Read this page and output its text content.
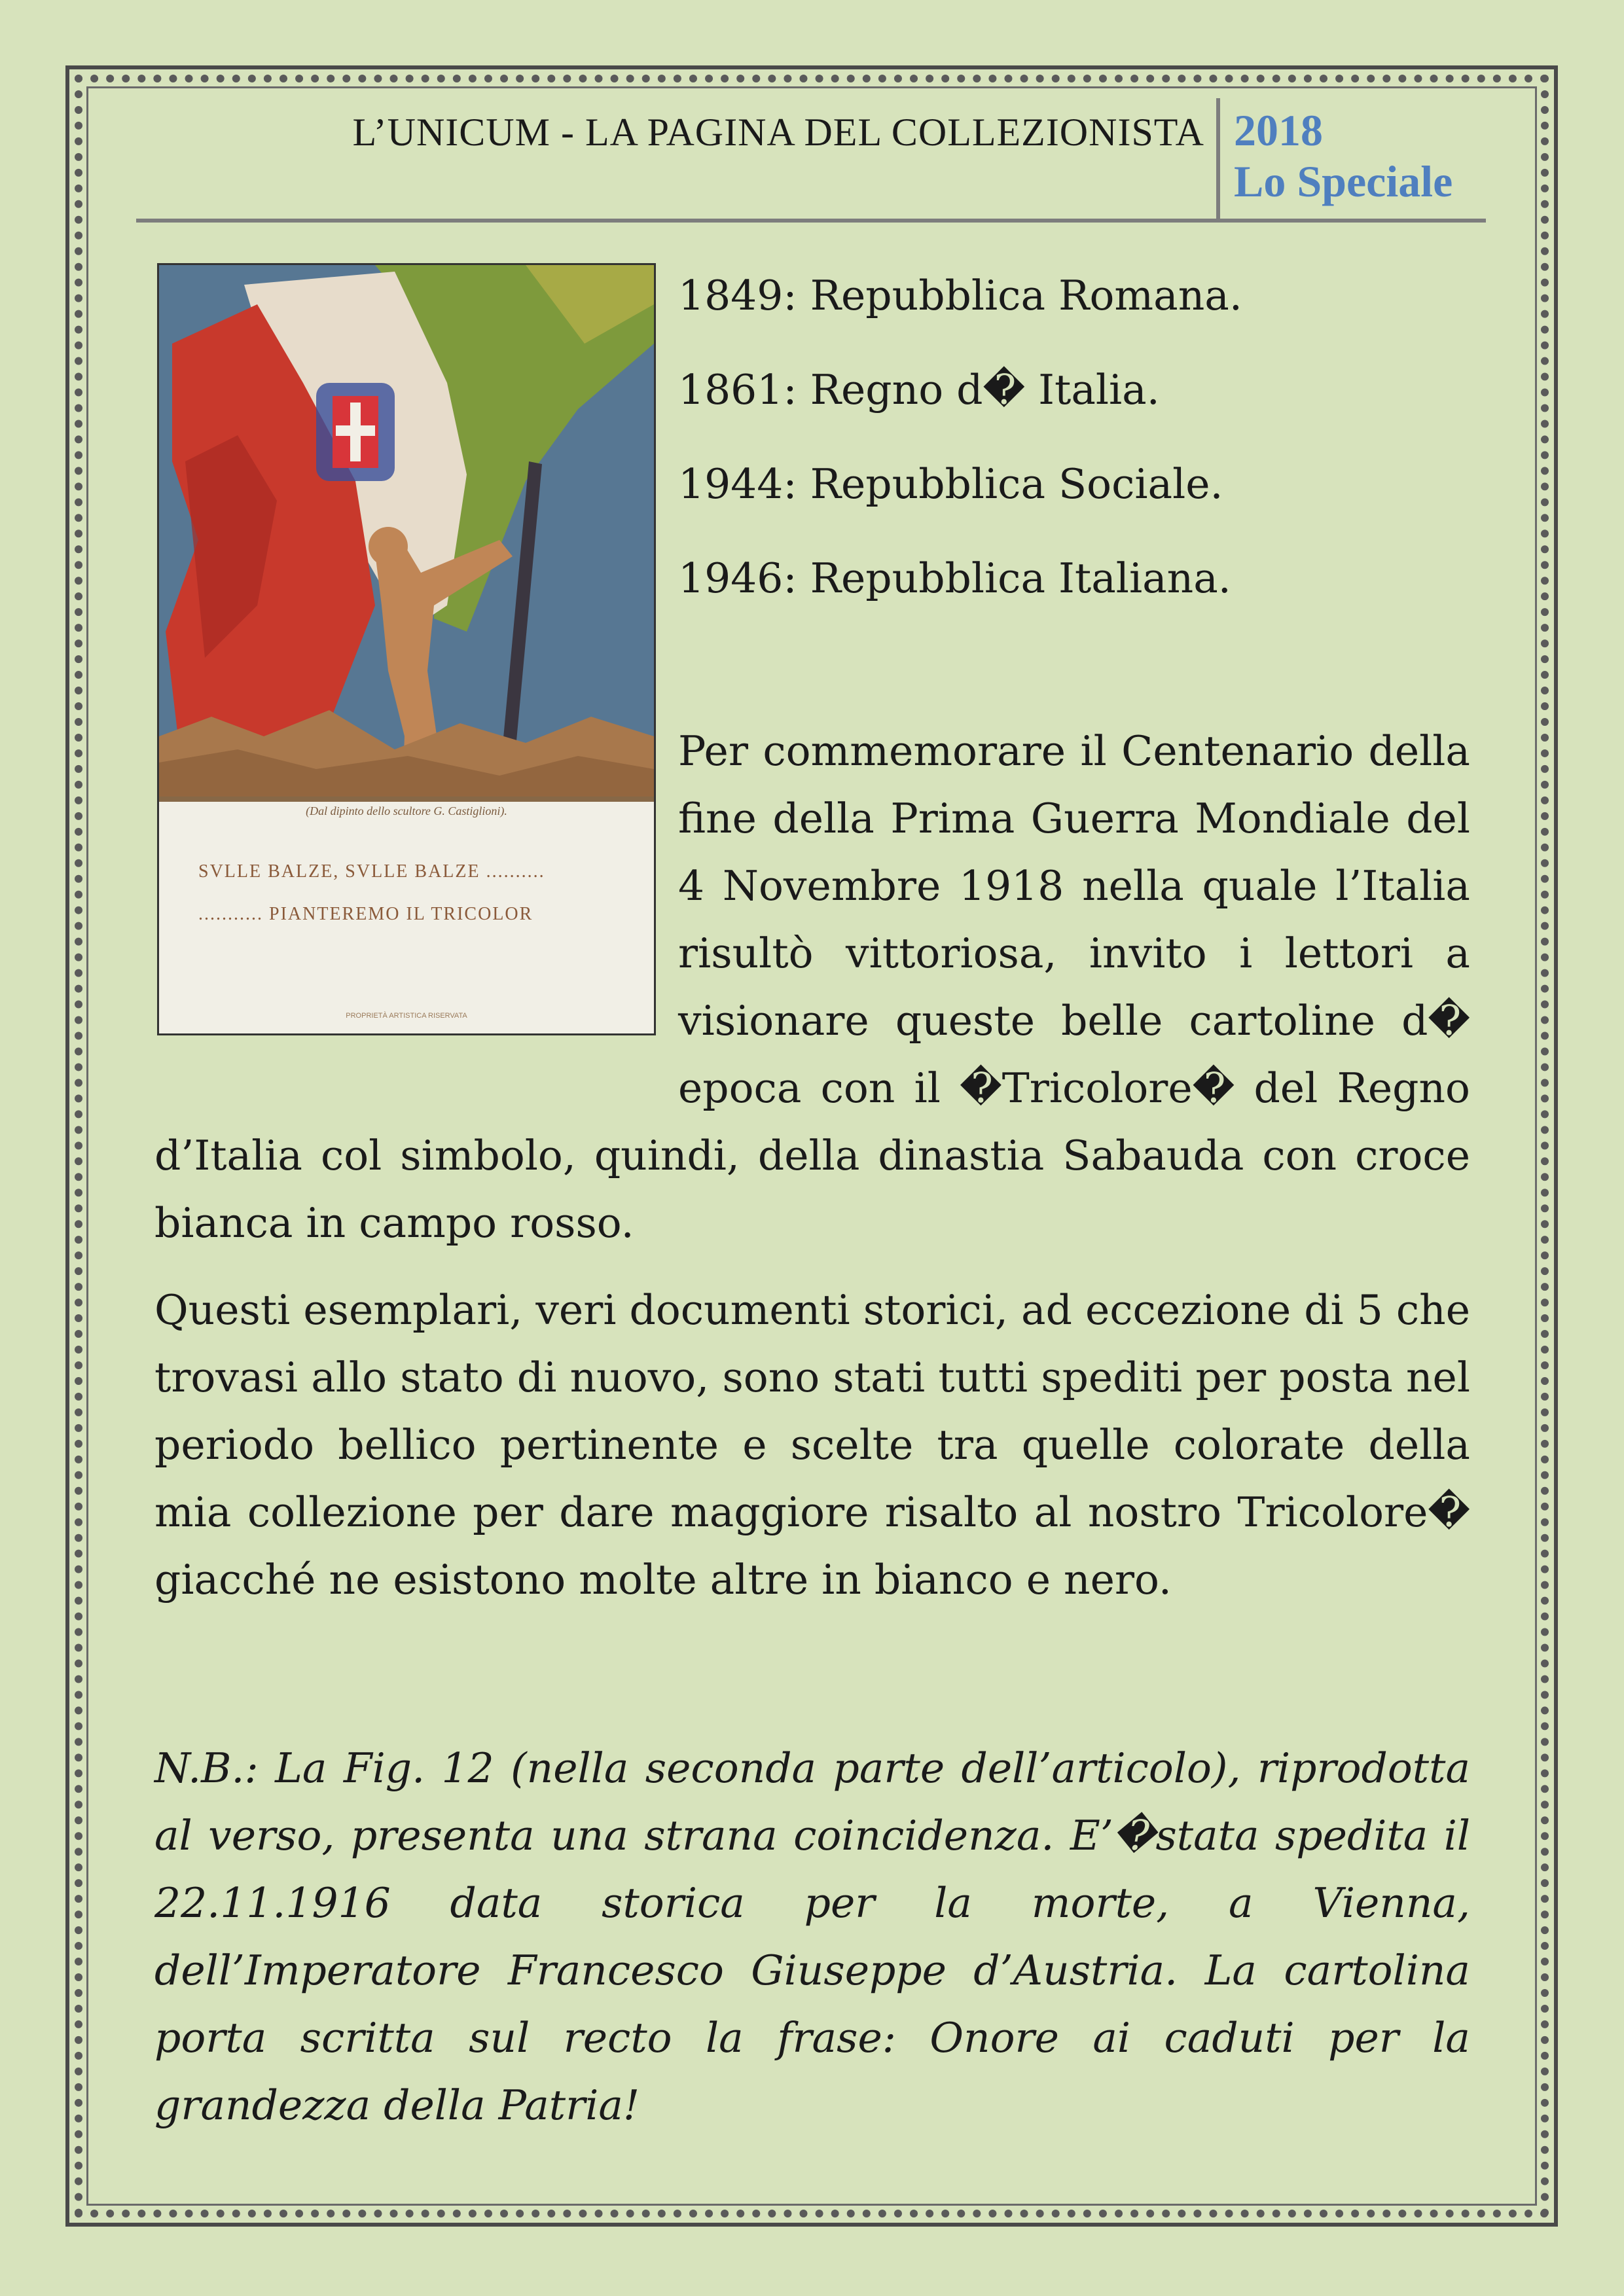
L’UNICUM - LA PAGINA DEL COLLEZIONISTA 2018
Lo Speciale
(Dal dipinto dello scultore G. Castiglioni).
SVLLE BALZE, SVLLE BALZE ..........
........... PIANTEREMO IL TRICOLOR
PROPRIETÀ ARTISTICA RISERVATA

1849: Repubblica Romana.

1861: Regno d� Italia.

1944: Repubblica Sociale.

1946: Repubblica Italiana.

Per commemorare il Centenario della fine della Prima Guerra Mondiale del 4 Novembre 1918 nella quale l’Italia risultò vittoriosa, invito i lettori a visionare queste belle cartoline d� epoca con il �Tricolore� del Regno d’Italia col simbolo, quindi, della dinastia Sabauda con croce bianca in campo rosso.

Questi esemplari, veri documenti storici, ad eccezione di 5 che trovasi allo stato di nuovo, sono stati tutti spediti per posta nel periodo bellico pertinente e scelte tra quelle colorate della mia collezione per dare maggiore risalto al nostro Tricolore� giacché ne esistono molte altre in bianco e nero.

N.B.: La Fig. 12 (nella seconda parte dell’articolo), riprodotta al verso, presenta una strana coincidenza. E’�stata spedita il 22.11.1916 data storica per la morte, a Vienna, dell’Imperatore Francesco Giuseppe d’Austria. La cartolina porta scritta sul recto la frase: Onore ai caduti per la grandezza della Patria!
